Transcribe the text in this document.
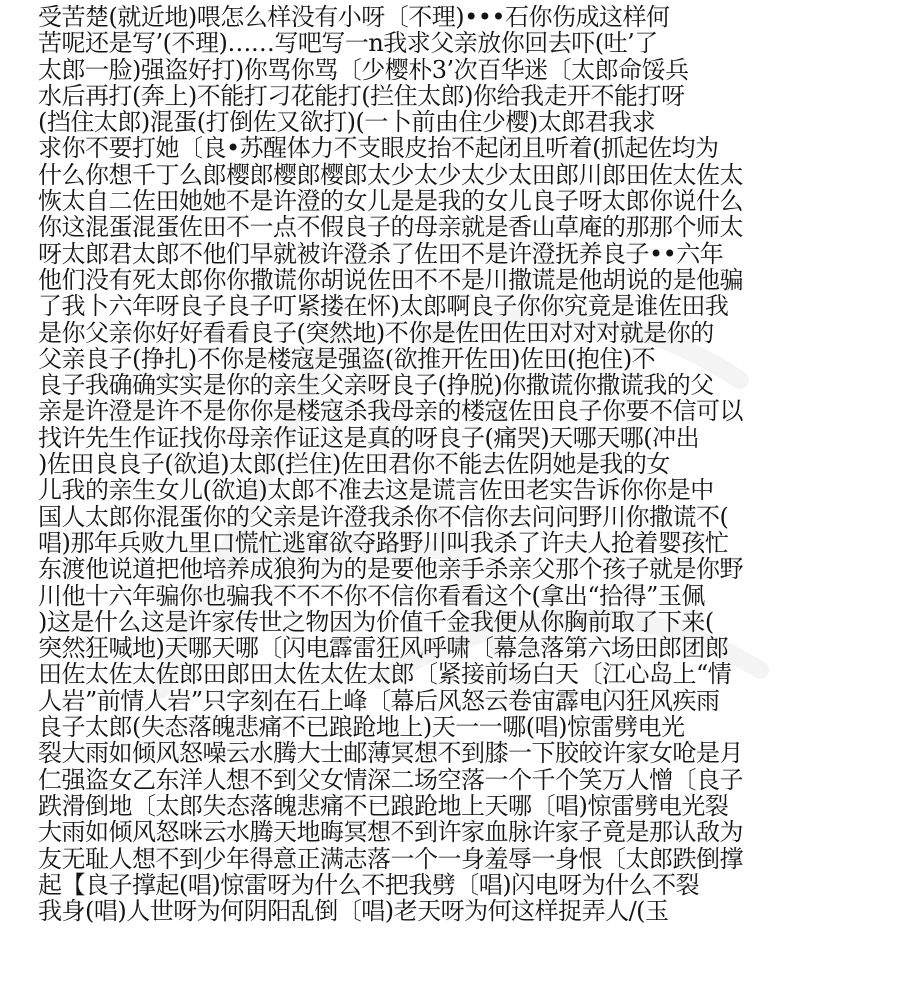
受苦楚(就近地)喂怎么样没有小呀〔不理)•••石你伤成这样何
苦呢还是写’(不理)……写吧写一n我求父亲放你回去吓(吐’了
太郎一脸)强盗好打)你骂你骂〔少樱朴3’次百华迷〔太郎命馁兵
水后再打(奔上)不能打刁花能打(拦住太郎)你给我走开不能打呀
(挡住太郎)混蛋(打倒佐又欲打)(一卜前由住少樱)太郎君我求
求你不要打她〔良•苏醒体力不支眼皮抬不起闭且听着(抓起佐均为
什么你想千丁么郎樱郎樱郎樱郎太少太少太少太田郎川郎田佐太佐太
恢太自二佐田她她不是许澄的女儿是是我的女儿良子呀太郎你说什么
你这混蛋混蛋佐田不一点不假良子的母亲就是香山草庵的那那个师太
呀太郎君太郎不他们早就被许澄杀了佐田不是许澄抚养良子••六年
他们没有死太郎你你撒谎你胡说佐田不不是川撒谎是他胡说的是他骗
了我卜六年呀良子良子叮紧搂在怀)太郎啊良子你你究竟是谁佐田我
是你父亲你好好看看良子(突然地)不你是佐田佐田对对对就是你的
父亲良子(挣扎)不你是楼寇是强盗(欲推开佐田)佐田(抱住)不
良子我确确实实是你的亲生父亲呀良子(挣脱)你撒谎你撒谎我的父
亲是许澄是许不是你你是楼寇杀我母亲的楼寇佐田良子你要不信可以
找许先生作证找你母亲作证这是真的呀良子(痛哭)天哪天哪(冲出
)佐田良良子(欲追)太郎(拦住)佐田君你不能去佐阴她是我的女
儿我的亲生女儿(欲追)太郎不准去这是谎言佐田老实告诉你你是中
国人太郎你混蛋你的父亲是许澄我杀你不信你去问问野川你撒谎不(
唱)那年兵败九里口慌忙逃窜欲夺路野川叫我杀了许夫人抢着婴孩忙
东渡他说道把他培养成狼狗为的是要他亲手杀亲父那个孩子就是你野
川他十六年骗你也骗我不不不你不信你看看这个(拿出“拾得”玉佩
)这是什么这是许家传世之物因为价值千金我便从你胸前取了下来(
突然狂喊地)天哪天哪〔闪电霹雷狂风呼啸〔幕急落第六场田郎团郎
田佐太佐太佐郎田郎田太佐太佐太郎〔紧接前场白天〔江心岛上“情
人岩”前情人岩”只字刻在石上峰〔幕后风怒云卷宙霹电闪狂风疾雨
良子太郎(失态落魄悲痛不已踉跄地上)天一一哪(唱)惊雷劈电光
裂大雨如倾风怒噪云水腾大士邮薄冥想不到膝一下胶皎许家女呛是月
仁强盗女乙东洋人想不到父女情深二场空落一个千个笑万人憎〔良子
跌滑倒地〔太郎失态落魄悲痛不已踉跄地上天哪〔唱)惊雷劈电光裂
大雨如倾风怒咪云水腾天地晦冥想不到许家血脉许家子竟是那认敌为
友无耻人想不到少年得意正满志落一个一身羞辱一身恨〔太郎跌倒撑
起【良子撑起(唱)惊雷呀为什么不把我劈〔唱)闪电呀为什么不裂
我身(唱)人世呀为何阴阳乱倒〔唱)老天呀为何这样捉弄人/(玉
